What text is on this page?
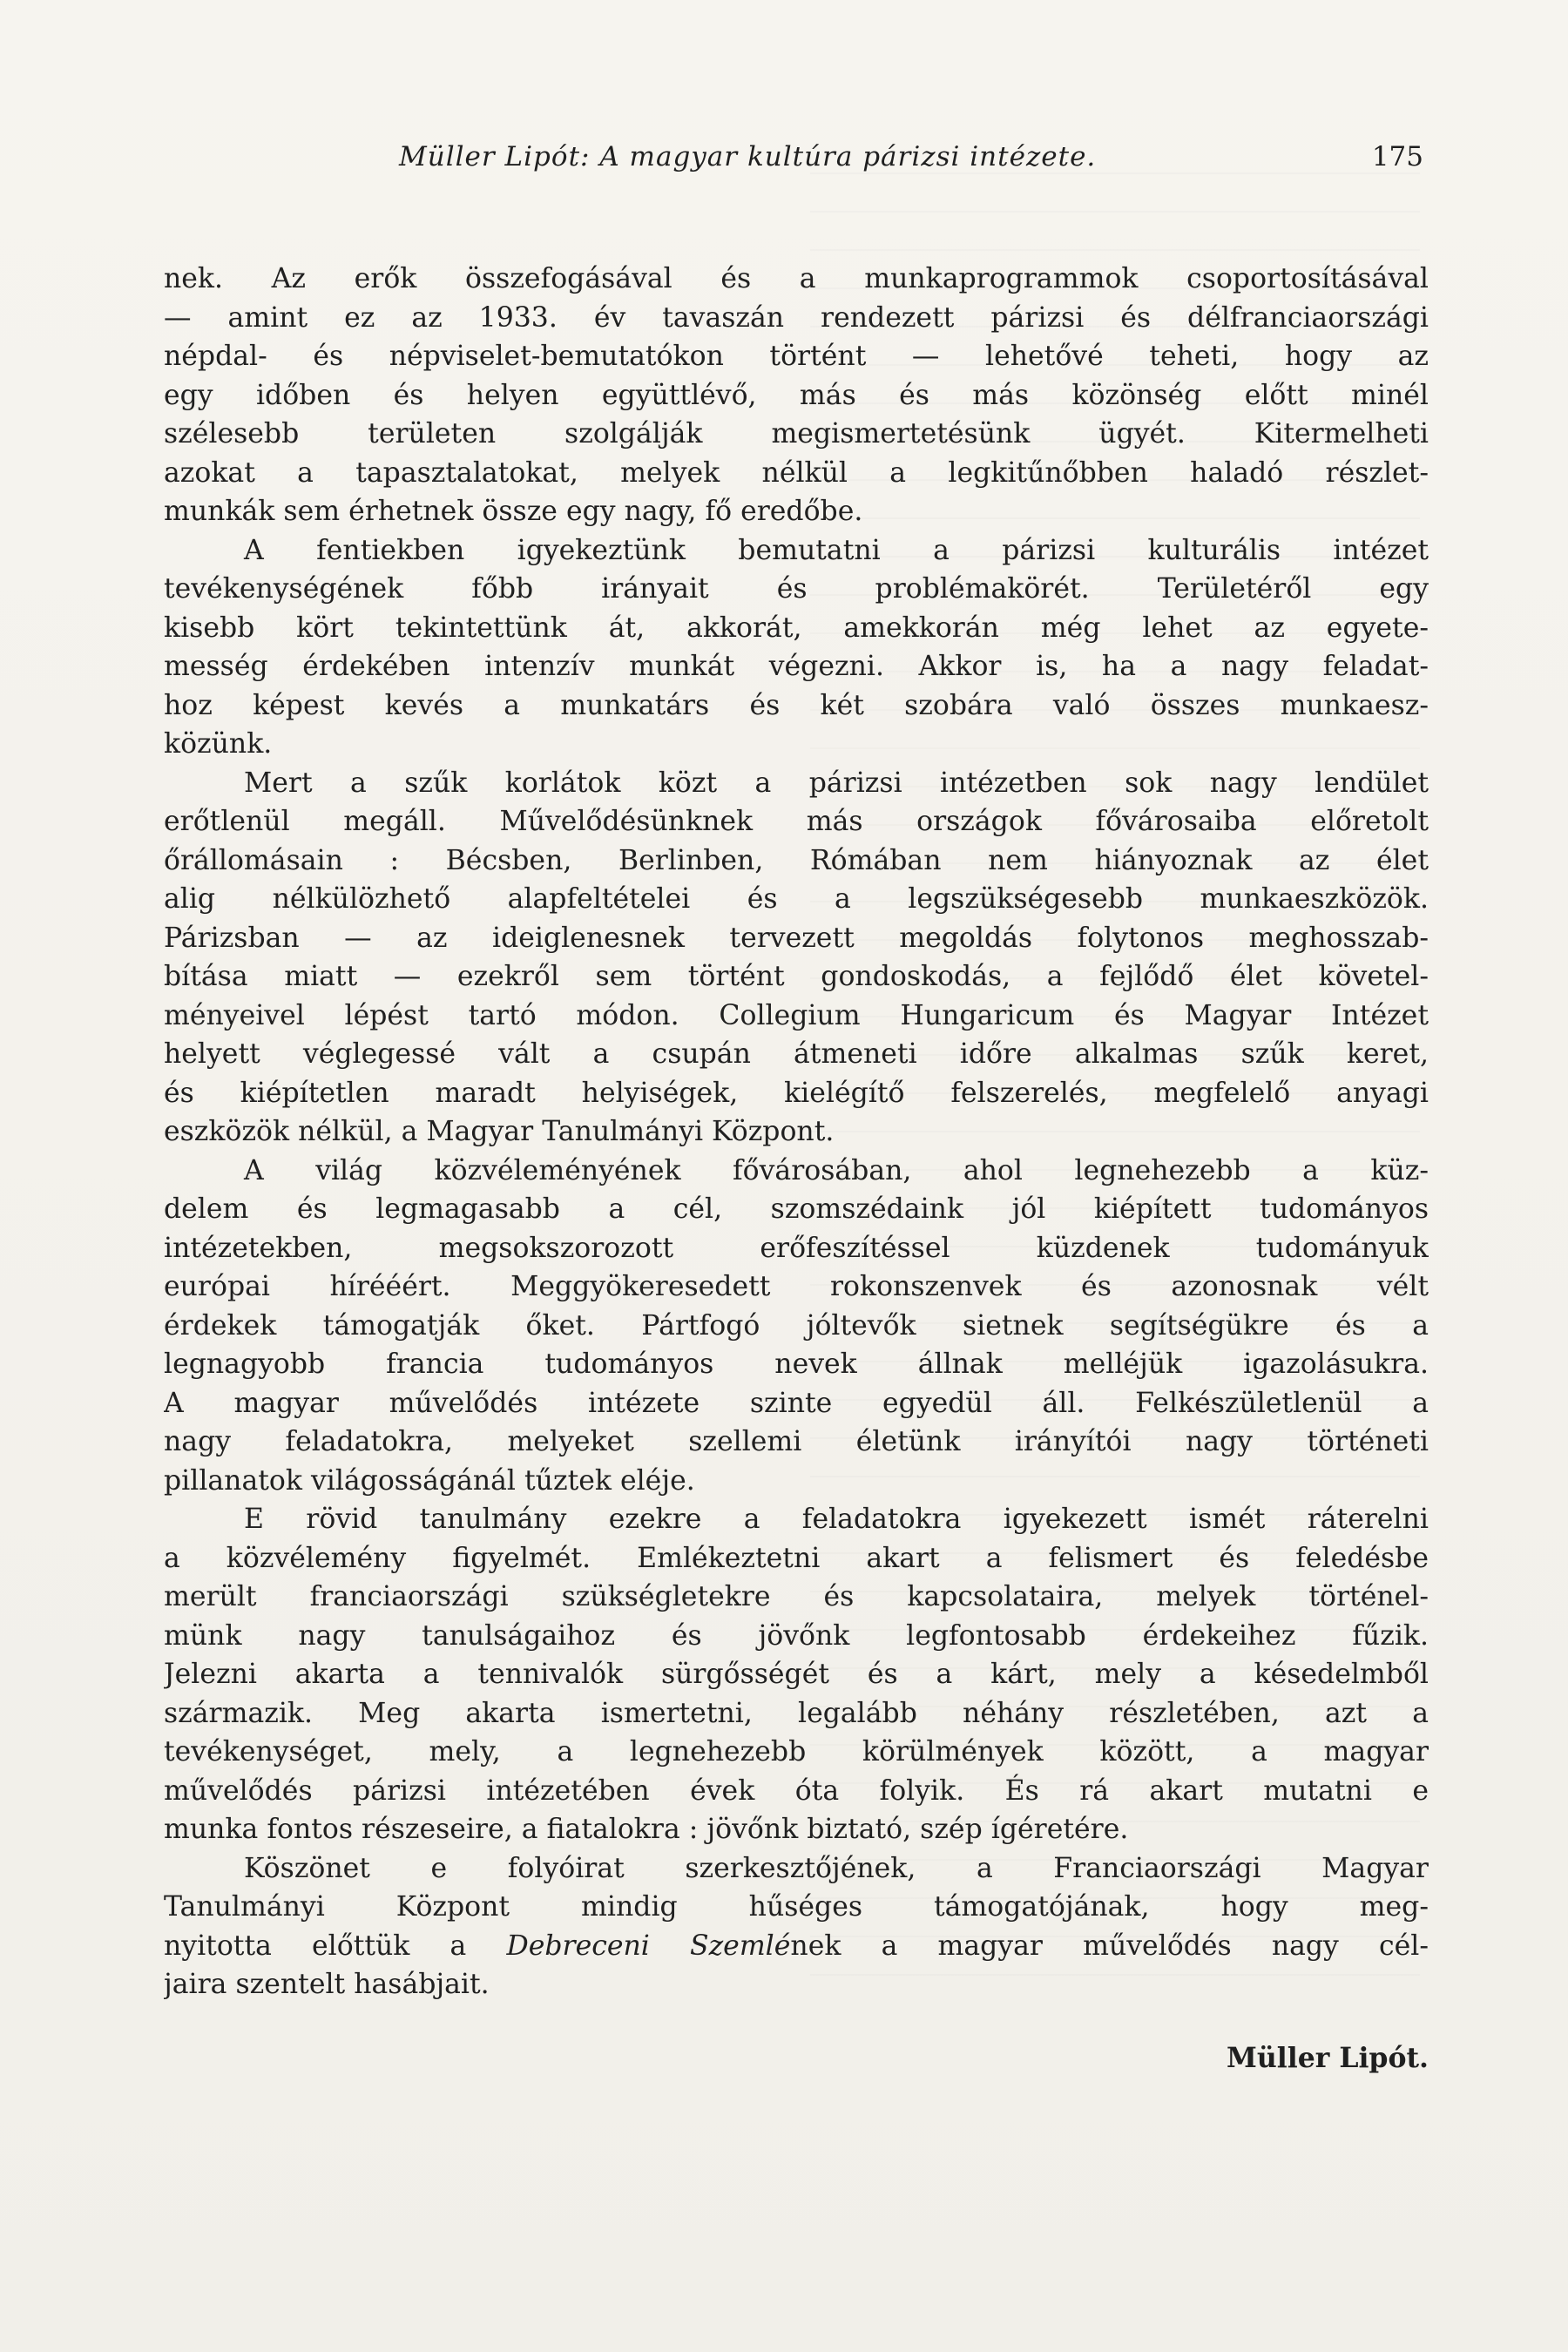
Müller Lipót: A magyar kultúra párizsi intézete.	175
nek. Az erők összefogásával és a munkaprogrammok csoportosításával
— amint ez az 1933. év tavaszán rendezett párizsi és délfranciaországi
népdal- és népviselet-bemutatókon történt — lehetővé teheti, hogy az
egy időben és helyen együttlévő, más és más közönség előtt minél
szélesebb területen szolgálják megismertetésünk ügyét. Kitermelheti
azokat a tapasztalatokat, melyek nélkül a legkitűnőbben haladó részlet-
munkák sem érhetnek össze egy nagy, fő eredőbe.
A fentiekben igyekeztünk bemutatni a párizsi kulturális intézet
tevékenységének főbb irányait és problémakörét. Területéről egy
kisebb kört tekintettünk át, akkorát, amekkorán még lehet az egyete-
messég érdekében intenzív munkát végezni. Akkor is, ha a nagy feladat-
hoz képest kevés a munkatárs és két szobára való összes munkaesz-
közünk.
Mert a szűk korlátok közt a párizsi intézetben sok nagy lendület
erőtlenül megáll. Művelődésünknek más országok fővárosaiba előretolt
őrállomásain : Bécsben, Berlinben, Rómában nem hiányoznak az élet
alig nélkülözhető alapfeltételei és a legszükségesebb munkaeszközök.
Párizsban — az ideiglenesnek tervezett megoldás folytonos meghosszab-
bítása miatt — ezekről sem történt gondoskodás, a fejlődő élet követel-
ményeivel lépést tartó módon. Collegium Hungaricum és Magyar Intézet
helyett véglegessé vált a csupán átmeneti időre alkalmas szűk keret,
és kiépítetlen maradt helyiségek, kielégítő felszerelés, megfelelő anyagi
eszközök nélkül, a Magyar Tanulmányi Központ.
A világ közvéleményének fővárosában, ahol legnehezebb a küz-
delem és legmagasabb a cél, szomszédaink jól kiépített tudományos
intézetekben, megsokszorozott erőfeszítéssel küzdenek tudományuk
európai hírééért. Meggyökeresedett rokonszenvek és azonosnak vélt
érdekek támogatják őket. Pártfogó jóltevők sietnek segítségükre és a
legnagyobb francia tudományos nevek állnak melléjük igazolásukra.
A magyar művelődés intézete szinte egyedül áll. Felkészületlenül a
nagy feladatokra, melyeket szellemi életünk irányítói nagy történeti
pillanatok világosságánál tűztek eléje.
E rövid tanulmány ezekre a feladatokra igyekezett ismét ráterelni
a közvélemény figyelmét. Emlékeztetni akart a felismert és feledésbe
merült franciaországi szükségletekre és kapcsolataira, melyek történel-
münk nagy tanulságaihoz és jövőnk legfontosabb érdekeihez fűzik.
Jelezni akarta a tennivalók sürgősségét és a kárt, mely a késedelmből
származik. Meg akarta ismertetni, legalább néhány részletében, azt a
tevékenységet, mely, a legnehezebb körülmények között, a magyar
művelődés párizsi intézetében évek óta folyik. És rá akart mutatni e
munka fontos részeseire, a fiatalokra : jövőnk biztató, szép ígéretére.
Köszönet e folyóirat szerkesztőjének, a Franciaországi Magyar
Tanulmányi Központ mindig hűséges támogatójának, hogy meg-
nyitotta előttük a Debreceni Szemlének a magyar művelődés nagy cél-
jaira szentelt hasábjait.
Müller Lipót.
